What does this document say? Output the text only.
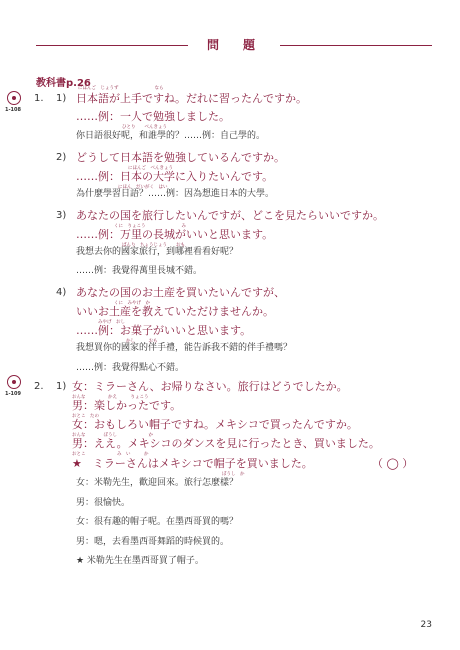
問　題
教科書p.26
1-108
1.
にほんご　じょうず　　　　　　　　なら
1) 日本語が上手ですね。だれに習ったんですか。
……例：一人で勉強しました。
ひとり　　べんきょう
你日語很好呢，和誰學的？……例：自己學的。
2) どうして日本語を勉強しているんですか。
にほんご　べんきょう
……例：日本の大学に入りたいんです。
にほん　だいがく　はい
為什麼學習日語？……例：因為想進日本的大學。
3) あなたの国を旅行したいんですが、どこを見たらいいですか。
くに　りょこう　　　　　　　　み
……例：万里の長城がいいと思います。
ばんり　ちょうじょう　　おも
我想去你的國家旅行，到哪裡看看好呢？
……例：我覺得萬里長城不錯。
4) あなたの国のお土産を買いたいんですが、
くに　みやげ　か
いいお土産を教えていただけませんか。
みやげ　おし
……例：お菓子がいいと思います。
かし　　　おも
我想買你的國家的伴手禮，能告訴我不錯的伴手禮嗎？
……例：我覺得點心不錯。
1-109
2. 1) 女：ミラーさん、お帰りなさい。旅行はどうでしたか。
おんな　　　　　かえ　　　りょこう
男：楽しかったです。
おとこ　たの
女：おもしろい帽子ですね。メキシコで買ったんですか。
おんな　　　　ぼうし　　　　　　　か
男：ええ。メキシコのダンスを見に行ったとき、買いました。
おとこ　　　　　　　み　い　　　か
★　ミラーさんはメキシコで帽子を買いました。
ぼうし　か
（ ◯ ）
女：米勒先生，歡迎回來。旅行怎麼樣？
男：很愉快。
女：很有趣的帽子呢。在墨西哥買的嗎？
男：嗯，去看墨西哥舞蹈的時候買的。
★ 米勒先生在墨西哥買了帽子。
23
